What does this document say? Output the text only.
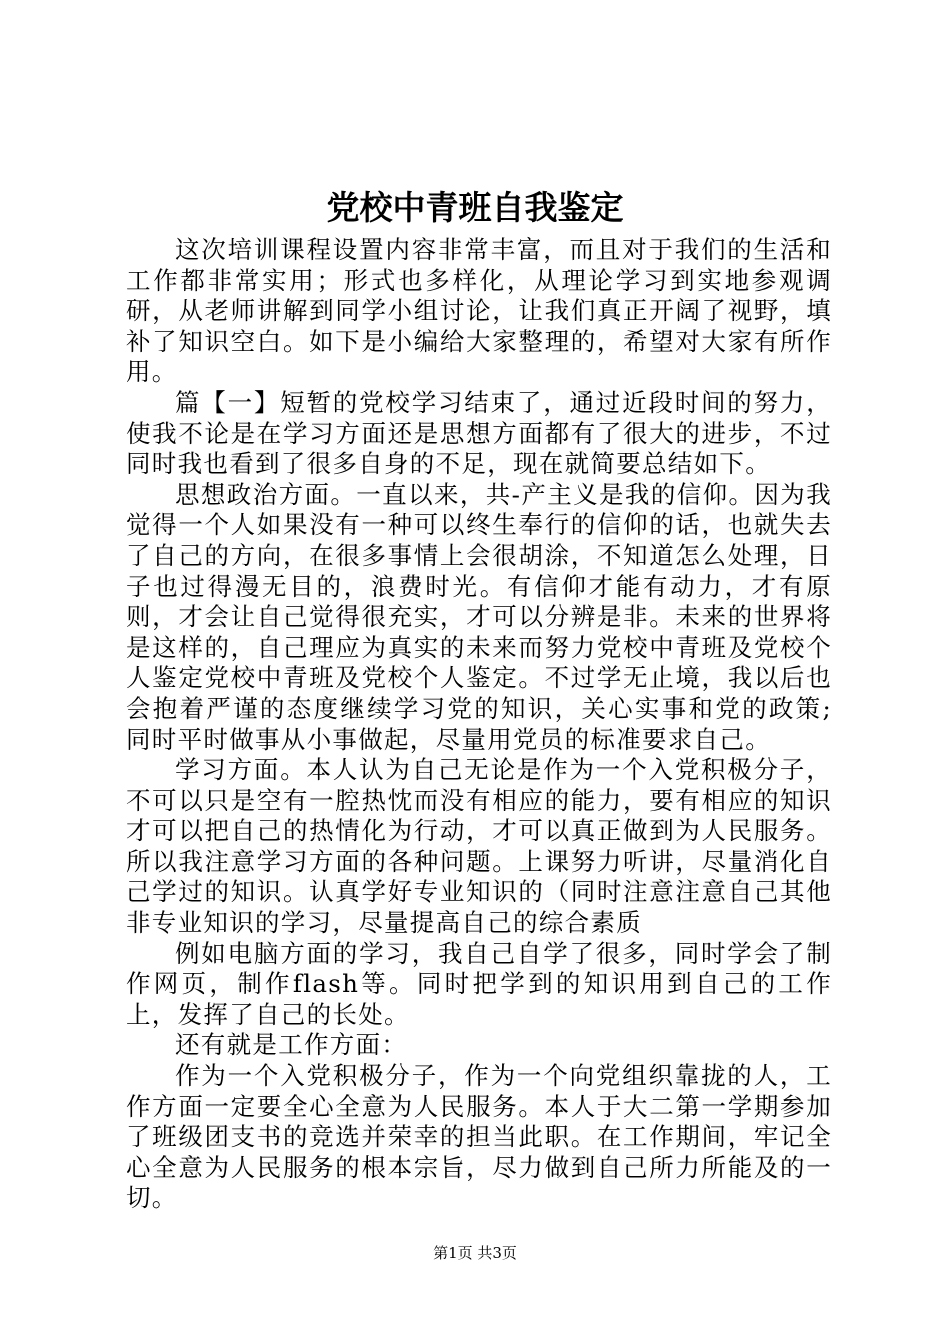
党校中青班自我鉴定

这次培训课程设置内容非常丰富，而且对于我们的生活和工作都非常实用；形式也多样化，从理论学习到实地参观调研，从老师讲解到同学小组讨论，让我们真正开阔了视野，填补了知识空白。如下是小编给大家整理的，希望对大家有所作用。

篇【一】短暂的党校学习结束了，通过近段时间的努力，使我不论是在学习方面还是思想方面都有了很大的进步，不过同时我也看到了很多自身的不足，现在就简要总结如下。

思想政治方面。一直以来，共-产主义是我的信仰。因为我觉得一个人如果没有一种可以终生奉行的信仰的话，也就失去了自己的方向，在很多事情上会很胡涂，不知道怎么处理，日子也过得漫无目的，浪费时光。有信仰才能有动力，才有原则，才会让自己觉得很充实，才可以分辨是非。未来的世界将是这样的，自己理应为真实的未来而努力党校中青班及党校个人鉴定党校中青班及党校个人鉴定。不过学无止境，我以后也会抱着严谨的态度继续学习党的知识，关心实事和党的政策;同时平时做事从小事做起，尽量用党员的标准要求自己。

学习方面。本人认为自己无论是作为一个入党积极分子，不可以只是空有一腔热忱而没有相应的能力，要有相应的知识才可以把自己的热情化为行动，才可以真正做到为人民服务。所以我注意学习方面的各种问题。上课努力听讲，尽量消化自己学过的知识。认真学好专业知识的（同时注意注意自己其他非专业知识的学习，尽量提高自己的综合素质

例如电脑方面的学习，我自己自学了很多，同时学会了制作网页，制作flash等。同时把学到的知识用到自己的工作上，发挥了自己的长处。

还有就是工作方面：

作为一个入党积极分子，作为一个向党组织靠拢的人，工作方面一定要全心全意为人民服务。本人于大二第一学期参加了班级团支书的竞选并荣幸的担当此职。在工作期间，牢记全心全意为人民服务的根本宗旨，尽力做到自己所力所能及的一切。

第1页 共3页
